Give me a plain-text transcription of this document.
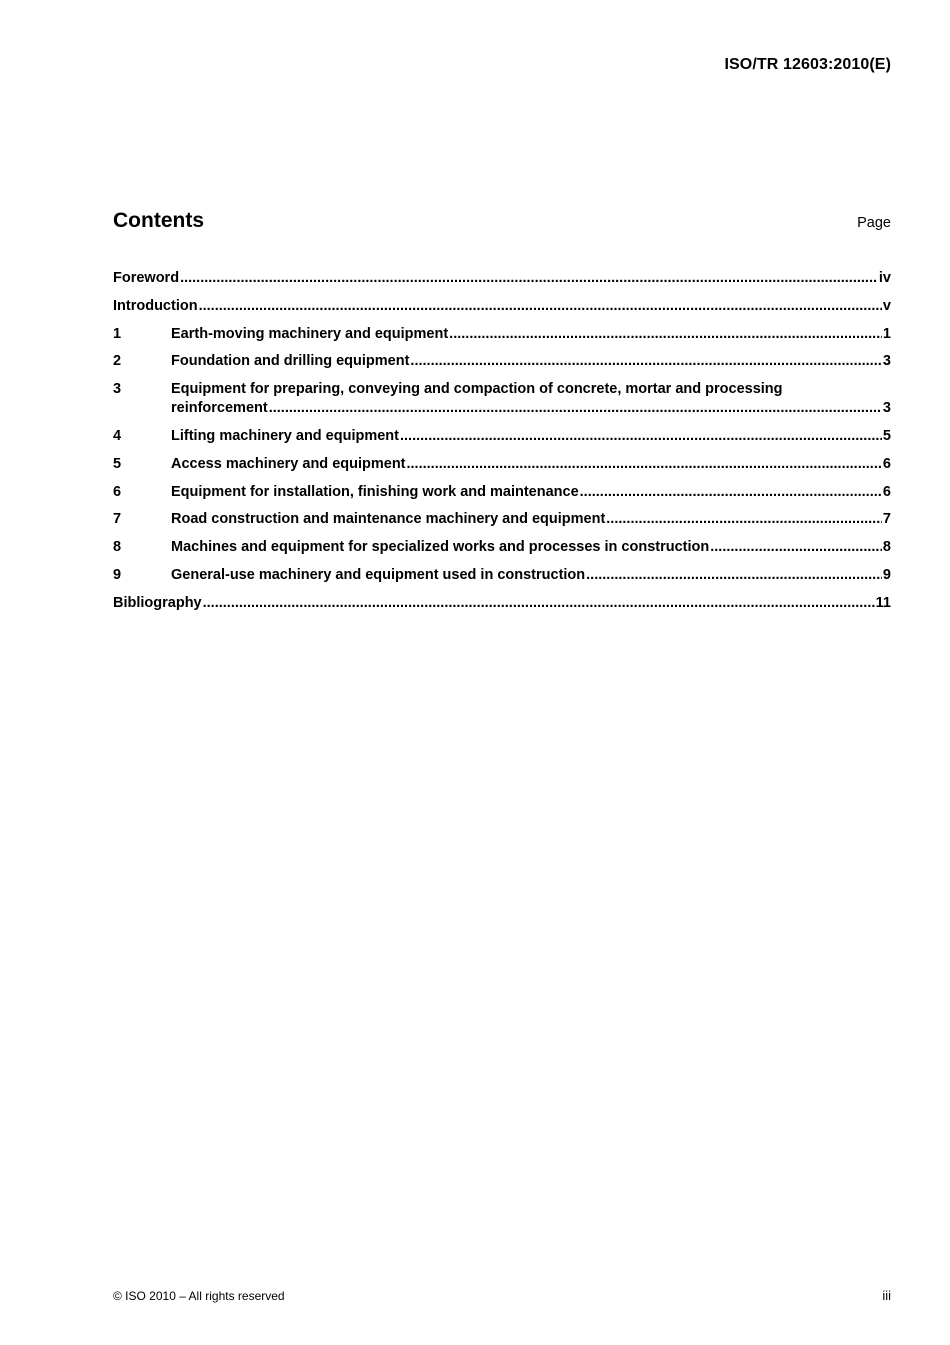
ISO/TR 12603:2010(E)
Contents	Page
Foreword .....	iv
Introduction .....	v
1	Earth-moving machinery and equipment .....	1
2	Foundation and drilling equipment .....	3
3	Equipment for preparing, conveying and compaction of concrete, mortar and processing
reinforcement .....	3
4	Lifting machinery and equipment .....	5
5	Access machinery and equipment .....	6
6	Equipment for installation, finishing work and maintenance .....	6
7	Road construction and maintenance machinery and equipment .....	7
8	Machines and equipment for specialized works and processes in construction .....	8
9	General-use machinery and equipment used in construction .....	9
Bibliography .....	11
© ISO 2010 – All rights reserved	iii
